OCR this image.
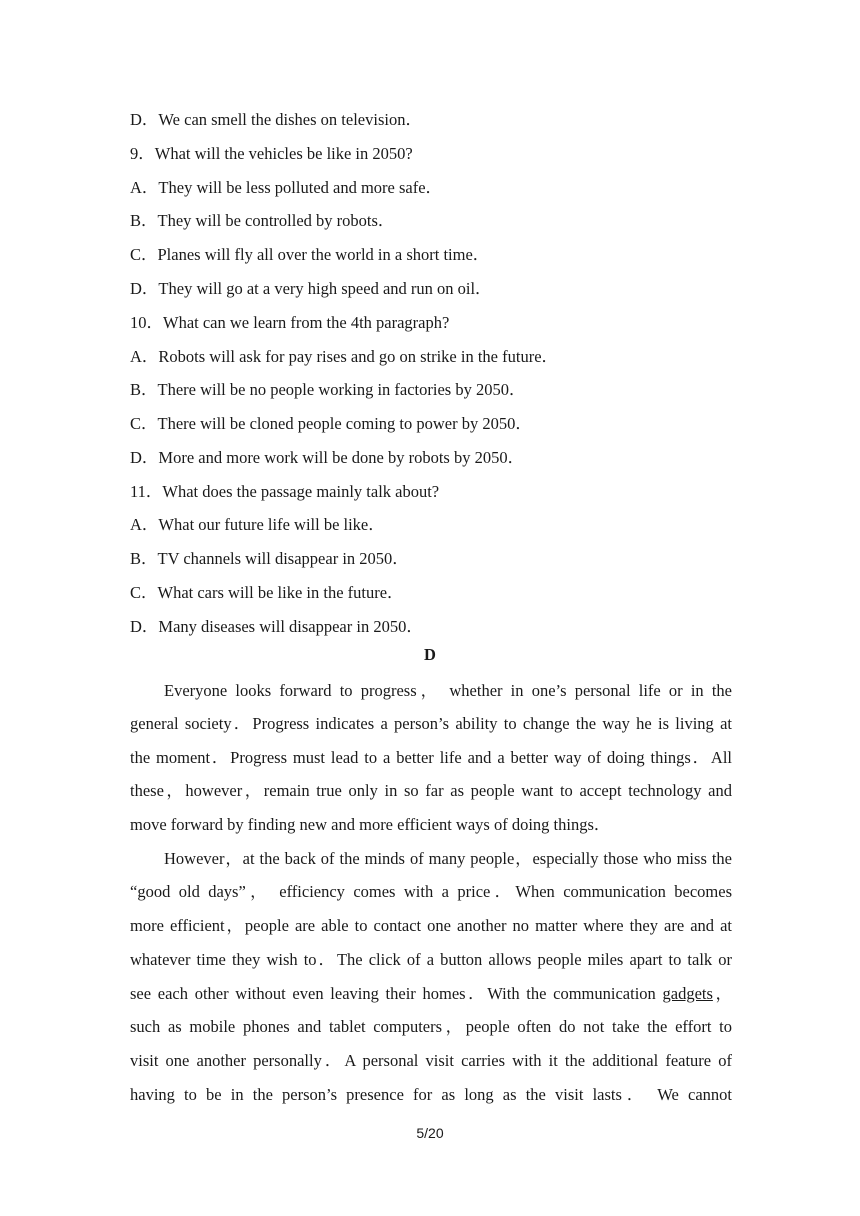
D．We can smell the dishes on television．
9．What will the vehicles be like in 2050?
A．They will be less polluted and more safe．
B．They will be controlled by robots．
C．Planes will fly all over the world in a short time．
D．They will go at a very high speed and run on oil．
10．What can we learn from the 4th paragraph?
A．Robots will ask for pay rises and go on strike in the future．
B．There will be no people working in factories by 2050．
C．There will be cloned people coming to power by 2050．
D．More and more work will be done by robots by 2050．
11．What does the passage mainly talk about?
A．What our future life will be like．
B．TV channels will disappear in 2050．
C．What cars will be like in the future．
D．Many diseases will disappear in 2050．
D
Everyone looks forward to progress， whether in one’s personal life or in the
general society．Progress indicates a person’s ability to change the way he is living at
the moment．Progress must lead to a better life and a better way of doing things．All
these，however，remain true only in so far as people want to accept technology and
move forward by finding new and more efficient ways of doing things．
However，at the back of the minds of many people，especially those who miss the
“good old days”， efficiency comes with a price．When communication becomes
more efficient，people are able to contact one another no matter where they are and at
whatever time they wish to．The click of a button allows people miles apart to talk or
see each other without even leaving their homes．With the communication gadgets，
such as mobile phones and tablet computers，people often do not take the effort to
visit one another personally．A personal visit carries with it the additional feature of
having to be in the person’s presence for as long as the visit lasts． We cannot
5/20
